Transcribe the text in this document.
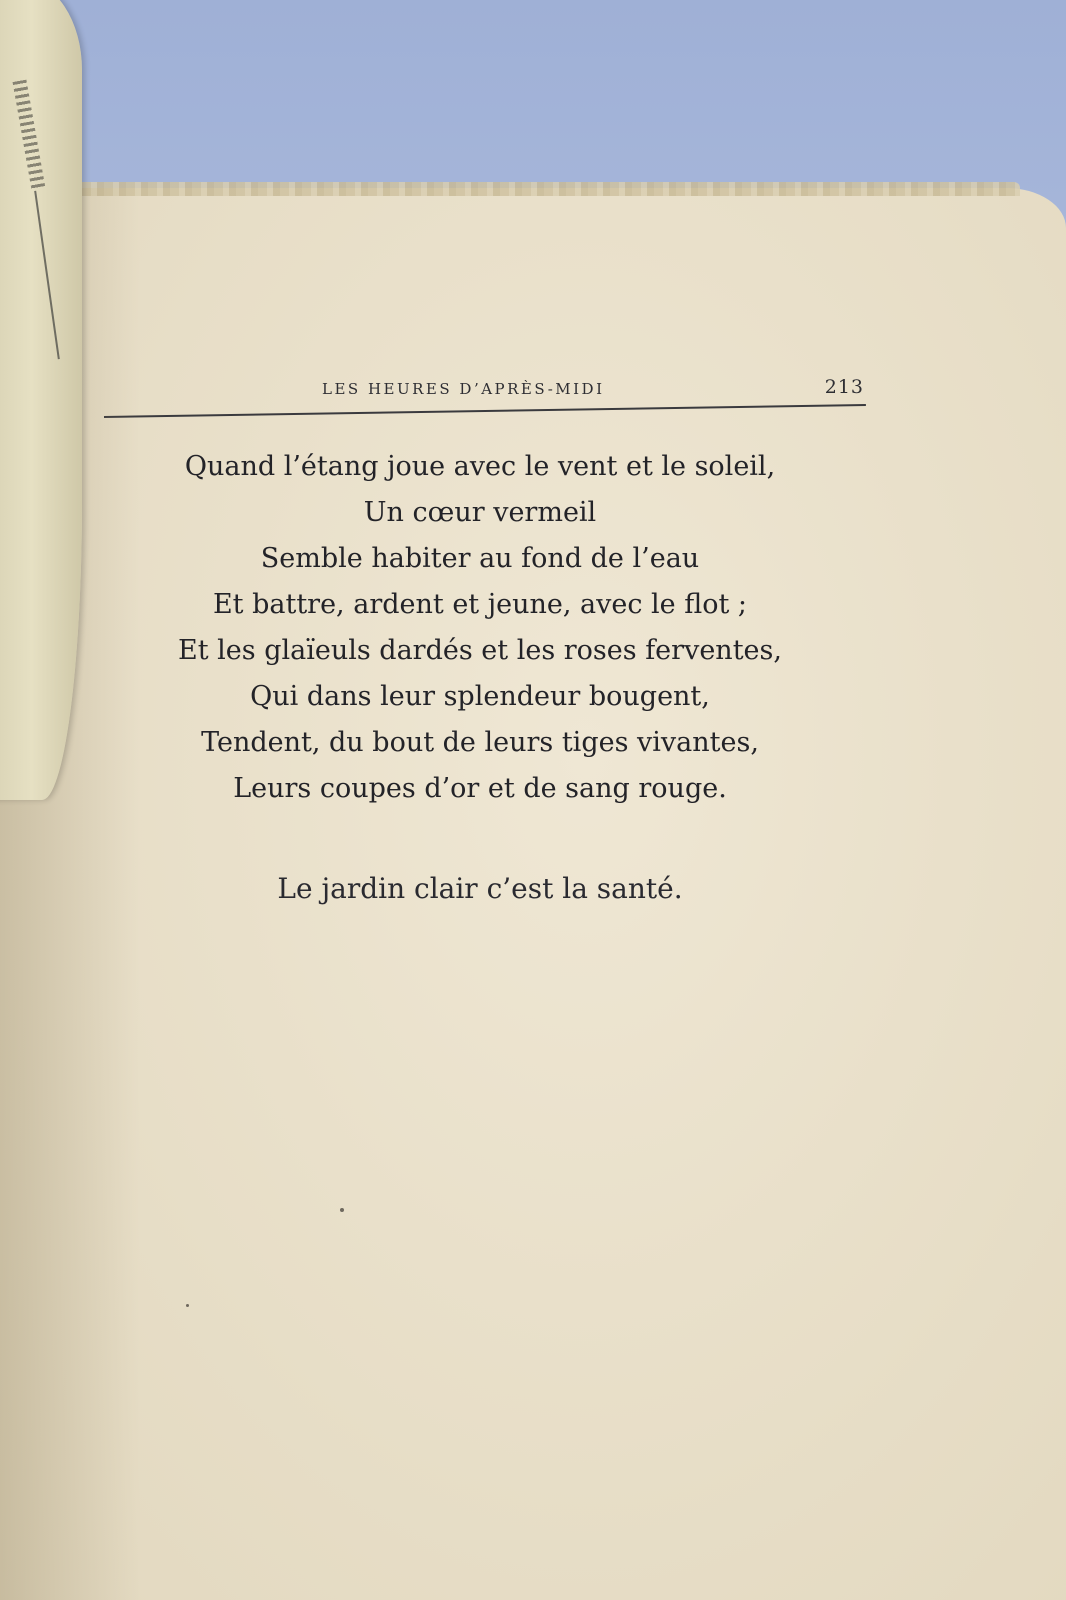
LES HEURES D’APRÈS-MIDI	213
Quand l’étang joue avec le vent et le soleil,
Un cœur vermeil
Semble habiter au fond de l’eau
Et battre, ardent et jeune, avec le flot ;
Et les glaïeuls dardés et les roses ferventes,
Qui dans leur splendeur bougent,
Tendent, du bout de leurs tiges vivantes,
Leurs coupes d’or et de sang rouge.
Le jardin clair c’est la santé.
